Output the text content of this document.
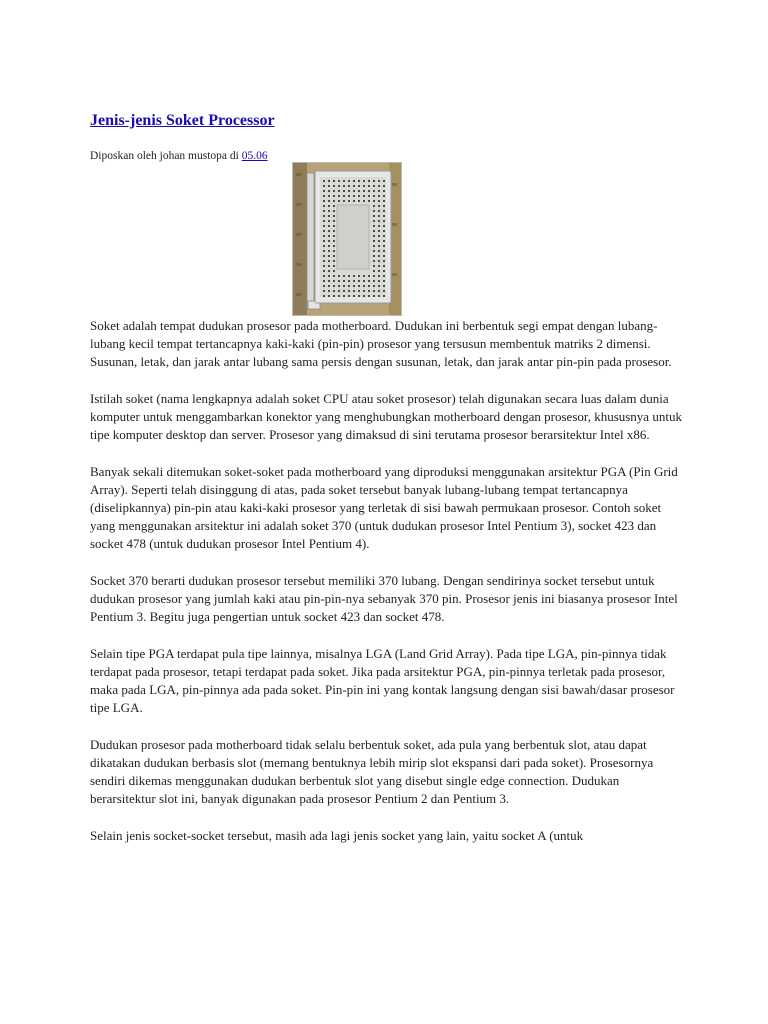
Jenis-jenis Soket Processor
Diposkan oleh johan mustopa di 05.06

Soket adalah tempat dudukan prosesor pada motherboard. Dudukan ini berbentuk segi empat dengan lubang-lubang kecil tempat tertancapnya kaki-kaki (pin-pin) prosesor yang tersusun membentuk matriks 2 dimensi. Susunan, letak, dan jarak antar lubang sama persis dengan susunan, letak, dan jarak antar pin-pin pada prosesor.

Istilah soket (nama lengkapnya adalah soket CPU atau soket prosesor) telah digunakan secara luas dalam dunia komputer untuk menggambarkan konektor yang menghubungkan motherboard dengan prosesor, khususnya untuk tipe komputer desktop dan server. Prosesor yang dimaksud di sini terutama prosesor berarsitektur Intel x86.

Banyak sekali ditemukan soket-soket pada motherboard yang diproduksi menggunakan arsitektur PGA (Pin Grid Array). Seperti telah disinggung di atas, pada soket tersebut banyak lubang-lubang tempat tertancapnya (diselipkannya) pin-pin atau kaki-kaki prosesor yang terletak di sisi bawah permukaan prosesor. Contoh soket yang menggunakan arsitektur ini adalah soket 370 (untuk dudukan prosesor Intel Pentium 3), socket 423 dan socket 478 (untuk dudukan prosesor Intel Pentium 4).

Socket 370 berarti dudukan prosesor tersebut memiliki 370 lubang. Dengan sendirinya socket tersebut untuk dudukan prosesor yang jumlah kaki atau pin-pin-nya sebanyak 370 pin. Prosesor jenis ini biasanya prosesor Intel Pentium 3. Begitu juga pengertian untuk socket 423 dan socket 478.

Selain tipe PGA terdapat pula tipe lainnya, misalnya LGA (Land Grid Array). Pada tipe LGA, pin-pinnya tidak terdapat pada prosesor, tetapi terdapat pada soket. Jika pada arsitektur PGA, pin-pinnya terletak pada prosesor, maka pada LGA, pin-pinnya ada pada soket. Pin-pin ini yang kontak langsung dengan sisi bawah/dasar prosesor tipe LGA.

Dudukan prosesor pada motherboard tidak selalu berbentuk soket, ada pula yang berbentuk slot, atau dapat dikatakan dudukan berbasis slot (memang bentuknya lebih mirip slot ekspansi dari pada soket). Prosesornya sendiri dikemas menggunakan dudukan berbentuk slot yang disebut single edge connection. Dudukan berarsitektur slot ini, banyak digunakan pada prosesor Pentium 2 dan Pentium 3.

Selain jenis socket-socket tersebut, masih ada lagi jenis socket yang lain, yaitu socket A (untuk
